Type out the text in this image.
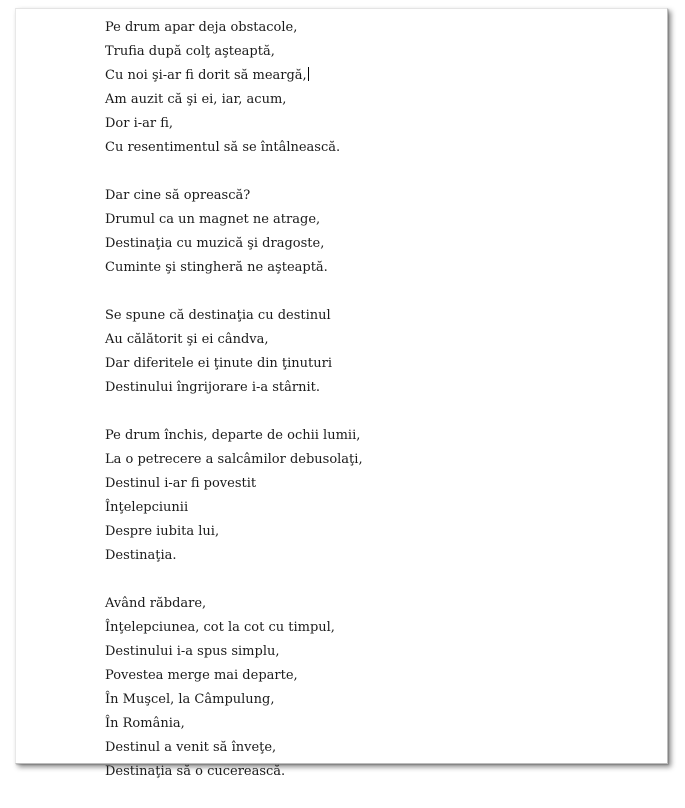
Pe drum apar deja obstacole,
Trufia după colţ aşteaptă,
Cu noi şi-ar fi dorit să meargă,
Am auzit că şi ei, iar, acum,
Dor i-ar fi,
Cu resentimentul să se întâlnească.
Dar cine să oprească?
Drumul ca un magnet ne atrage,
Destinaţia cu muzică şi dragoste,
Cuminte şi stingheră ne aşteaptă.
Se spune că destinaţia cu destinul
Au călătorit şi ei cândva,
Dar diferitele ei ţinute din ţinuturi
Destinului îngrijorare i-a stârnit.
Pe drum închis, departe de ochii lumii,
La o petrecere a salcâmilor debusolaţi,
Destinul i-ar fi povestit
Înţelepciunii
Despre iubita lui,
Destinaţia.
Având răbdare,
Înţelepciunea, cot la cot cu timpul,
Destinului i-a spus simplu,
Povestea merge mai departe,
În Muşcel, la Câmpulung,
În România,
Destinul a venit să înveţe,
Destinaţia să o cucerească.
